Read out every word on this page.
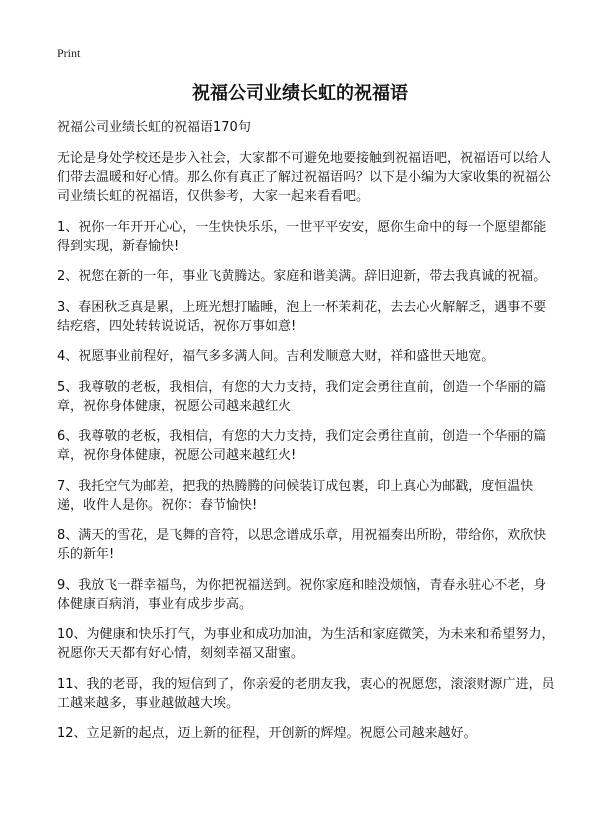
Print
祝福公司业绩长虹的祝福语
祝福公司业绩长虹的祝福语170句

无论是身处学校还是步入社会，大家都不可避免地要接触到祝福语吧，祝福语可以给人们带去温暖和好心情。那么你有真正了解过祝福语吗？以下是小编为大家收集的祝福公司业绩长虹的祝福语，仅供参考，大家一起来看看吧。

1、祝你一年开开心心，一生快快乐乐，一世平平安安，愿你生命中的每一个愿望都能得到实现，新春愉快!

2、祝您在新的一年，事业飞黄腾达。家庭和谐美满。辞旧迎新，带去我真诚的祝福。

3、春困秋乏真是累，上班光想打瞌睡，泡上一杯茉莉花，去去心火解解乏，遇事不要结疙瘩，四处转转说说话，祝你万事如意!

4、祝愿事业前程好，福气多多满人间。吉利发顺意大财，祥和盛世天地宽。

5、我尊敬的老板，我相信，有您的大力支持，我们定会勇往直前，创造一个华丽的篇章，祝你身体健康，祝愿公司越来越红火

6、我尊敬的老板，我相信，有您的大力支持，我们定会勇往直前，创造一个华丽的篇章，祝你身体健康，祝愿公司越来越红火!

7、我托空气为邮差，把我的热腾腾的问候装订成包裹，印上真心为邮戳，度恒温快递，收件人是你。祝你：春节愉快!

8、满天的雪花，是飞舞的音符，以思念谱成乐章，用祝福奏出所盼，带给你，欢欣快乐的新年!

9、我放飞一群幸福鸟，为你把祝福送到。祝你家庭和睦没烦恼，青春永驻心不老，身体健康百病消，事业有成步步高。

10、为健康和快乐打气，为事业和成功加油，为生活和家庭微笑，为未来和希望努力，祝愿你天天都有好心情，刻刻幸福又甜蜜。

11、我的老哥，我的短信到了，你亲爱的老朋友我，衷心的祝愿您，滚滚财源广进，员工越来越多，事业越做越大埃。

12、立足新的起点，迈上新的征程，开创新的辉煌。祝愿公司越来越好。
